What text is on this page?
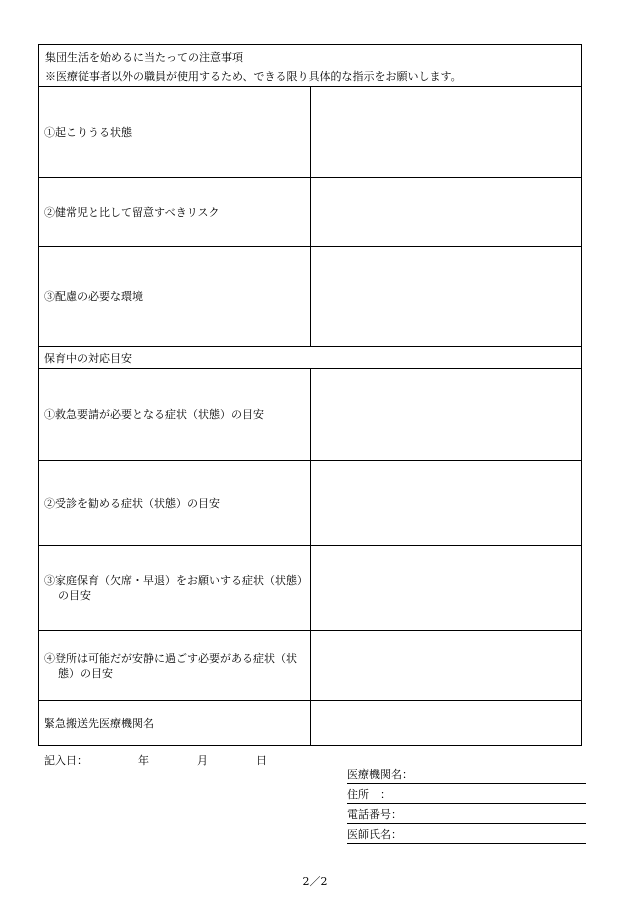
集団生活を始めるに当たっての注意事項
※医療従事者以外の職員が使用するため、できる限り具体的な指示をお願いします。	

①起こりうる状態	

②健常児と比して留意すべきリスク	

③配慮の必要な環境	

保育中の対応目安	

①救急要請が必要となる症状（状態）の目安	

②受診を勧める症状（状態）の目安	

③家庭保育（欠席・早退）をお願いする症状（状態）の目安	

④登所は可能だが安静に過ごす必要がある症状（状態）の目安	

緊急搬送先医療機関名	
記入日：	年	月	日
医療機関名：
住所　：
電話番号：
医師氏名：
2／2
